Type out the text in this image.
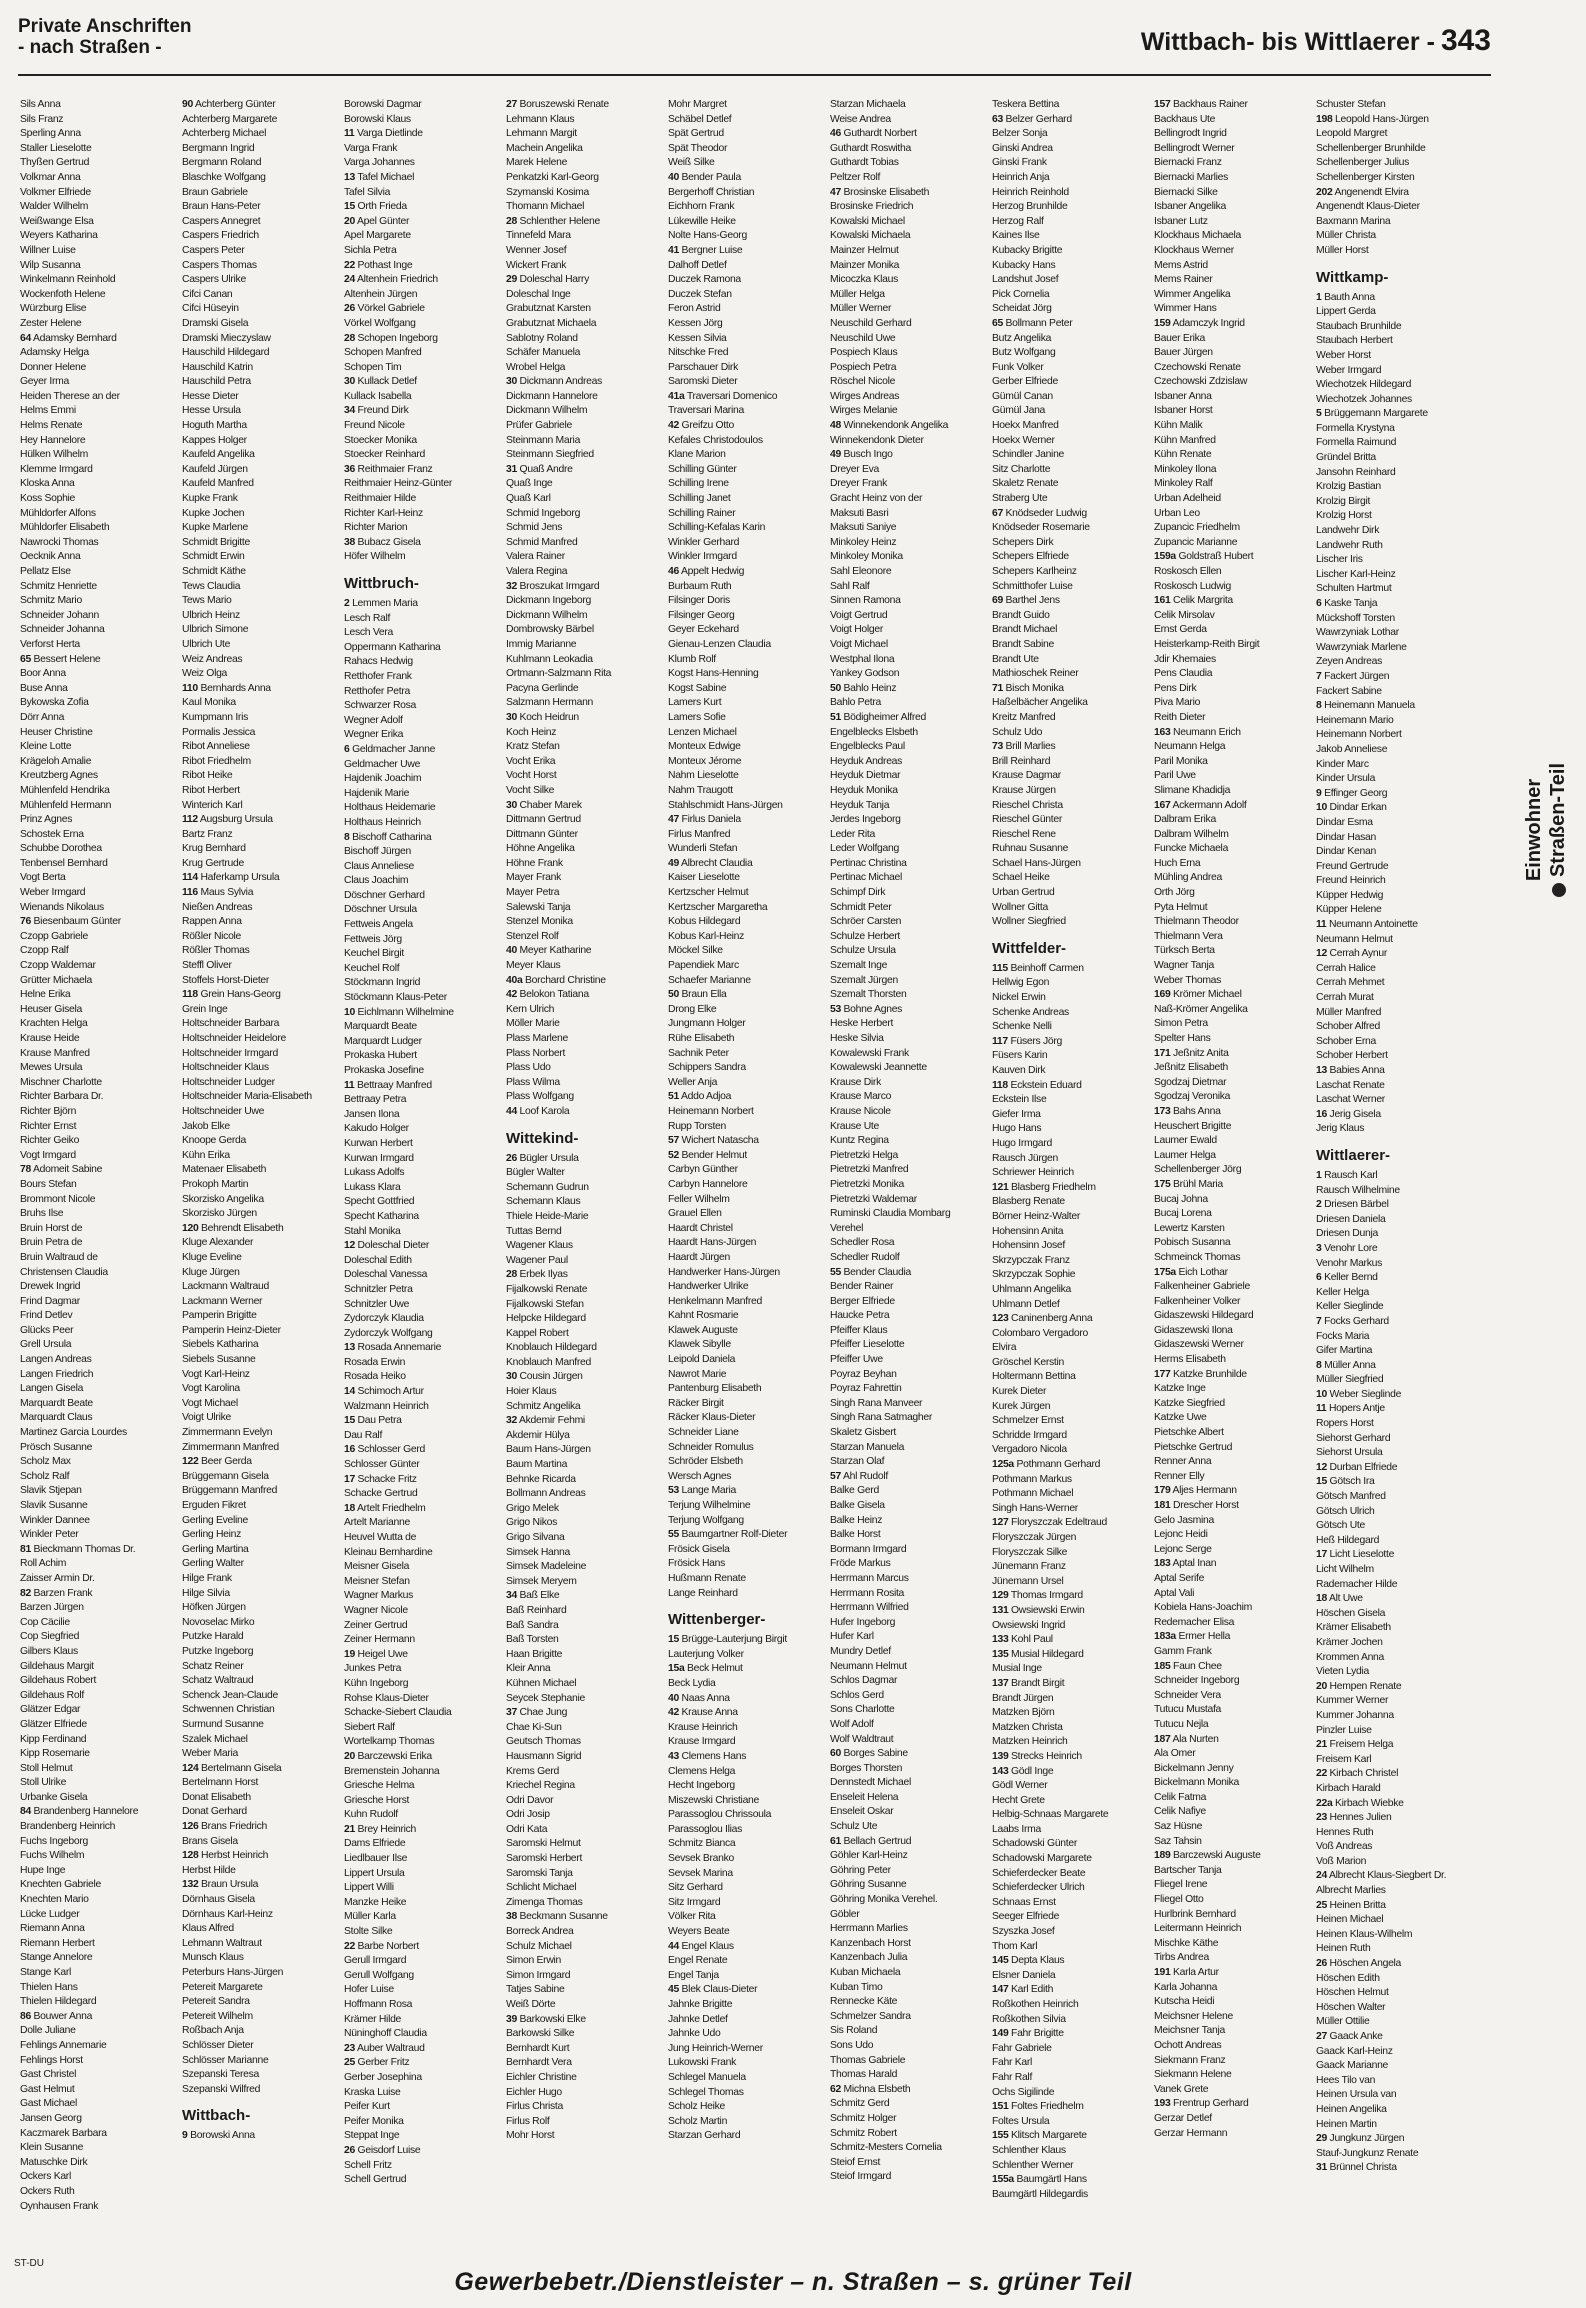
Private Anschriften
- nach Straßen -	Wittbach- bis Wittlaerer - 343
Sils Anna
Sils Franz
Sperling Anna
Staller Lieselotte
Thyßen Gertrud
Volkmar Anna
Volkmer Elfriede
Walder Wilhelm
Weißwange Elsa
Weyers Katharina
Willner Luise
Wilp Susanna
Winkelmann Reinhold
Wockenfoth Helene
Würzburg Elise
Zester Helene
64 Adamsky Bernhard
Adamsky Helga
Donner Helene
Geyer Irma
Heiden Therese an der
Helms Emmi
Helms Renate
Hey Hannelore
Hülken Wilhelm
Klemme Irmgard
Kloska Anna
Koss Sophie
Mühldorfer Alfons
Mühldorfer Elisabeth
Nawrocki Thomas
Oecknik Anna
Pellatz Else
Schmitz Henriette
Schmitz Mario
Schneider Johann
Schneider Johanna
Verforst Herta
65 Bessert Helene
Boor Anna
Buse Anna
Bykowska Zofia
Dörr Anna
Heuser Christine
Kleine Lotte
Krägeloh Amalie
Kreutzberg Agnes
Mühlenfeld Hendrika
Mühlenfeld Hermann
Prinz Agnes
Schostek Erna
Schubbe Dorothea
Tenbensel Bernhard
Vogt Berta
Weber Irmgard
Wienands Nikolaus
76 Biesenbaum Günter
Czopp Gabriele
Czopp Ralf
Czopp Waldemar
Grütter Michaela
Helne Erika
Heuser Gisela
Krachten Helga
Krause Heide
Krause Manfred
Mewes Ursula
Mischner Charlotte
Richter Barbara Dr.
Richter Björn
Richter Ernst
Richter Geiko
Vogt Irmgard
78 Adomeit Sabine
Bours Stefan
Brommont Nicole
Bruhs Ilse
Bruin Horst de
Bruin Petra de
Bruin Waltraud de
Christensen Claudia
Drewek Ingrid
Frind Dagmar
Frind Detlev
Glücks Peer
Grell Ursula
Langen Andreas
Langen Friedrich
Langen Gisela
Marquardt Beate
Marquardt Claus
Martinez Garcia Lourdes
Prösch Susanne
Scholz Max
Scholz Ralf
Slavik Stjepan
Slavik Susanne
Winkler Dannee
Winkler Peter
81 Bieckmann Thomas Dr.
Roll Achim
Zaisser Armin Dr.
82 Barzen Frank
Barzen Jürgen
Cop Cäcilie
Cop Siegfried
Gilbers Klaus
Gildehaus Margit
Gildehaus Robert
Gildehaus Rolf
Glätzer Edgar
Glätzer Elfriede
Kipp Ferdinand
Kipp Rosemarie
Stoll Helmut
Stoll Ulrike
Urbanke Gisela
84 Brandenberg Hannelore
Brandenberg Heinrich
Fuchs Ingeborg
Fuchs Wilhelm
Hupe Inge
Knechten Gabriele
Knechten Mario
Lücke Ludger
Riemann Anna
Riemann Herbert
Stange Annelore
Stange Karl
Thielen Hans
Thielen Hildegard
86 Bouwer Anna
Dolle Juliane
Fehlings Annemarie
Fehlings Horst
Gast Christel
Gast Helmut
Gast Michael
Jansen Georg
Kaczmarek Barbara
Klein Susanne
Matuschke Dirk
Ockers Karl
Ockers Ruth
Oynhausen Frank
90 Achterberg Günter
Achterberg Margarete
Achterberg Michael
Bergmann Ingrid
Bergmann Roland
Blaschke Wolfgang
Braun Gabriele
Braun Hans-Peter
Caspers Annegret
Caspers Friedrich
Caspers Peter
Caspers Thomas
Caspers Ulrike
Cifci Canan
Cifci Hüseyin
Dramski Gisela
Dramski Mieczyslaw
Hauschild Hildegard
Hauschild Katrin
Hauschild Petra
Hesse Dieter
Hesse Ursula
Hoguth Martha
Kappes Holger
Kaufeld Angelika
Kaufeld Jürgen
Kaufeld Manfred
Kupke Frank
Kupke Jochen
Kupke Marlene
Schmidt Brigitte
Schmidt Erwin
Schmidt Käthe
Tews Claudia
Tews Mario
Ulbrich Heinz
Ulbrich Simone
Ulbrich Ute
Weiz Andreas
Weiz Olga
110 Bernhards Anna
Kaul Monika
Kumpmann Iris
Pormalis Jessica
Ribot Anneliese
Ribot Friedhelm
Ribot Heike
Ribot Herbert
Winterich Karl
112 Augsburg Ursula
Bartz Franz
Krug Bernhard
Krug Gertrude
114 Haferkamp Ursula
116 Maus Sylvia
Nießen Andreas
Rappen Anna
Rößler Nicole
Rößler Thomas
Steffl Oliver
Stoffels Horst-Dieter
118 Grein Hans-Georg
Grein Inge
Holtschneider Barbara
Holtschneider Heidelore
Holtschneider Irmgard
Holtschneider Klaus
Holtschneider Ludger
Holtschneider Maria-Elisabeth
Holtschneider Uwe
Jakob Elke
Knoope Gerda
Kühn Erika
Matenaer Elisabeth
Prokoph Martin
Skorzisko Angelika
Skorzisko Jürgen
120 Behrendt Elisabeth
Kluge Alexander
Kluge Eveline
Kluge Jürgen
Lackmann Waltraud
Lackmann Werner
Pamperin Brigitte
Pamperin Heinz-Dieter
Siebels Katharina
Siebels Susanne
Vogt Karl-Heinz
Vogt Karolina
Vogt Michael
Voigt Ulrike
Zimmermann Evelyn
Zimmermann Manfred
122 Beer Gerda
Brüggemann Gisela
Brüggemann Manfred
Erguden Fikret
Gerling Eveline
Gerling Heinz
Gerling Martina
Gerling Walter
Hilge Frank
Hilge Silvia
Höfken Jürgen
Novoselac Mirko
Putzke Harald
Putzke Ingeborg
Schatz Reiner
Schatz Waltraud
Schenck Jean-Claude
Schwennen Christian
Surmund Susanne
Szalek Michael
Weber Maria
124 Bertelmann Gisela
Bertelmann Horst
Donat Elisabeth
Donat Gerhard
126 Brans Friedrich
Brans Gisela
128 Herbst Heinrich
Herbst Hilde
132 Braun Ursula
Dörnhaus Gisela
Dörnhaus Karl-Heinz
Klaus Alfred
Lehmann Waltraut
Munsch Klaus
Peterburs Hans-Jürgen
Petereit Margarete
Petereit Sandra
Petereit Wilhelm
Roßbach Anja
Schlösser Dieter
Schlösser Marianne
Szepanski Teresa
Szepanski Wilfred
Wittbach-
9 Borowski Anna
Borowski Dagmar
Borowski Klaus
11 Varga Dietlinde
Varga Frank
Varga Johannes
13 Tafel Michael
Tafel Silvia
15 Orth Frieda
20 Apel Günter
Apel Margarete
Sichla Petra
22 Pothast Inge
24 Altenhein Friedrich
Altenhein Jürgen
26 Vörkel Gabriele
Vörkel Wolfgang
28 Schopen Ingeborg
Schopen Manfred
Schopen Tim
30 Kullack Detlef
Kullack Isabella
34 Freund Dirk
Freund Nicole
Stoecker Monika
Stoecker Reinhard
36 Reithmaier Franz
Reithmaier Heinz-Günter
Reithmaier Hilde
Richter Karl-Heinz
Richter Marion
38 Bubacz Gisela
Höfer Wilhelm
Wittbruch-
2 Lemmen Maria
Lesch Ralf
Lesch Vera
Oppermann Katharina
Rahacs Hedwig
Retthofer Frank
Retthofer Petra
Schwarzer Rosa
Wegner Adolf
Wegner Erika
6 Geldmacher Janne
Geldmacher Uwe
Hajdenik Joachim
Hajdenik Marie
Holthaus Heidemarie
Holthaus Heinrich
8 Bischoff Catharina
Bischoff Jürgen
Claus Anneliese
Claus Joachim
Döschner Gerhard
Döschner Ursula
Fettweis Angela
Fettweis Jörg
Keuchel Birgit
Keuchel Rolf
Stöckmann Ingrid
Stöckmann Klaus-Peter
10 Eichlmann Wilhelmine
Marquardt Beate
Marquardt Ludger
Prokaska Hubert
Prokaska Josefine
11 Bettraay Manfred
Bettraay Petra
Jansen Ilona
Kakudo Holger
Kurwan Herbert
Kurwan Irmgard
Lukass Adolfs
Lukass Klara
Specht Gottfried
Specht Katharina
Stahl Monika
12 Doleschal Dieter
Doleschal Edith
Doleschal Vanessa
Schnitzler Petra
Schnitzler Uwe
Zydorczyk Klaudia
Zydorczyk Wolfgang
13 Rosada Annemarie
Rosada Erwin
Rosada Heiko
14 Schimoch Artur
Walzmann Heinrich
15 Dau Petra
Dau Ralf
16 Schlosser Gerd
Schlosser Günter
17 Schacke Fritz
Schacke Gertrud
18 Artelt Friedhelm
Artelt Marianne
Heuvel Wutta de
Kleinau Bernhardine
Meisner Gisela
Meisner Stefan
Wagner Markus
Wagner Nicole
Zeiner Gertrud
Zeiner Hermann
19 Heigel Uwe
Junkes Petra
Kühn Ingeborg
Rohse Klaus-Dieter
Schacke-Siebert Claudia
Siebert Ralf
Wortelkamp Thomas
20 Barczewski Erika
Bremenstein Johanna
Griesche Helma
Griesche Horst
Kuhn Rudolf
21 Brey Heinrich
Dams Elfriede
Liedlbauer Ilse
Lippert Ursula
Lippert Willi
Manzke Heike
Müller Karla
Stolte Silke
22 Barbe Norbert
Gerull Irmgard
Gerull Wolfgang
Hofer Luise
Hoffmann Rosa
Krämer Hilde
Nüninghoff Claudia
23 Auber Waltraud
25 Gerber Fritz
Gerber Josephina
Kraska Luise
Peifer Kurt
Peifer Monika
Steppat Inge
26 Geisdorf Luise
Schell Fritz
Schell Gertrud
27 Boruszewski Renate
Lehmann Klaus
Lehmann Margit
Machein Angelika
Marek Helene
Penkatzki Karl-Georg
Szymanski Kosima
Thomann Michael
28 Schlenther Helene
Tinnefeld Mara
Wenner Josef
Wickert Frank
29 Doleschal Harry
Doleschal Inge
Grabutznat Karsten
Grabutznat Michaela
Sablotny Roland
Schäfer Manuela
Wrobel Helga
30 Dickmann Andreas
Dickmann Hannelore
Dickmann Wilhelm
Prüfer Gabriele
Steinmann Maria
Steinmann Siegfried
31 Quaß Andre
Quaß Inge
Quaß Karl
Schmid Ingeborg
Schmid Jens
Schmid Manfred
Valera Rainer
Valera Regina
32 Broszukat Irmgard
Dickmann Ingeborg
Dickmann Wilhelm
Dombrowsky Bärbel
Immig Marianne
Kuhlmann Leokadia
Ortmann-Salzmann Rita
Pacyna Gerlinde
Salzmann Hermann
30 Koch Heidrun
Koch Heinz
Kratz Stefan
Vocht Erika
Vocht Horst
Vocht Silke
30 Chaber Marek
Dittmann Gertrud
Dittmann Günter
Höhne Angelika
Höhne Frank
Mayer Frank
Mayer Petra
Salewski Tanja
Stenzel Monika
Stenzel Rolf
40 Meyer Katharine
Meyer Klaus
40a Borchard Christine
42 Belokon Tatiana
Kern Ulrich
Möller Marie
Plass Marlene
Plass Norbert
Plass Udo
Plass Wilma
Plass Wolfgang
44 Loof Karola
Wittekind-
26 Bügler Ursula
Bügler Walter
Schemann Gudrun
Schemann Klaus
Thiele Heide-Marie
Tuttas Bernd
Wagener Klaus
Wagener Paul
28 Erbek Ilyas
Fijalkowski Renate
Fijalkowski Stefan
Helpcke Hildegard
Kappel Robert
Knoblauch Hildegard
Knoblauch Manfred
30 Cousin Jürgen
Hoier Klaus
Schmitz Angelika
32 Akdemir Fehmi
Akdemir Hülya
Baum Hans-Jürgen
Baum Martina
Behnke Ricarda
Bollmann Andreas
Grigo Melek
Grigo Nikos
Grigo Silvana
Simsek Hanna
Simsek Madeleine
Simsek Meryem
34 Baß Elke
Baß Reinhard
Baß Sandra
Baß Torsten
Haan Brigitte
Kleir Anna
Kühnen Michael
Seycek Stephanie
37 Chae Jung
Chae Ki-Sun
Geutsch Thomas
Hausmann Sigrid
Krems Gerd
Kriechel Regina
Odri Davor
Odri Josip
Odri Kata
Saromski Helmut
Saromski Herbert
Saromski Tanja
Schlicht Michael
Zimenga Thomas
38 Beckmann Susanne
Borreck Andrea
Schulz Michael
Simon Erwin
Simon Irmgard
Tatjes Sabine
Weiß Dörte
39 Barkowski Elke
Barkowski Silke
Bernhardt Kurt
Bernhardt Vera
Eichler Christine
Eichler Hugo
Firlus Christa
Firlus Rolf
Mohr Horst
Mohr Margret
Schäbel Detlef
Spät Gertrud
Spät Theodor
Weiß Silke
40 Bender Paula
Bergerhoff Christian
Eichhorn Frank
Lükewille Heike
Nolte Hans-Georg
41 Bergner Luise
Dalhoff Detlef
Duczek Ramona
Duczek Stefan
Feron Astrid
Kessen Jörg
Kessen Silvia
Nitschke Fred
Parschauer Dirk
Saromski Dieter
41a Traversari Domenico
Traversari Marina
42 Greifzu Otto
Kefales Christodoulos
Klane Marion
Schilling Günter
Schilling Irene
Schilling Janet
Schilling Rainer
Schilling-Kefalas Karin
Winkler Gerhard
Winkler Irmgard
46 Appelt Hedwig
Burbaum Ruth
Filsinger Doris
Filsinger Georg
Geyer Eckehard
Gienau-Lenzen Claudia
Klumb Rolf
Kogst Hans-Henning
Kogst Sabine
Lamers Kurt
Lamers Sofie
Lenzen Michael
Monteux Edwige
Monteux Jérome
Nahm Lieselotte
Nahm Traugott
Stahlschmidt Hans-Jürgen
47 Firlus Daniela
Firlus Manfred
Wunderli Stefan
49 Albrecht Claudia
Kaiser Lieselotte
Kertzscher Helmut
Kertzscher Margaretha
Kobus Hildegard
Kobus Karl-Heinz
Möckel Silke
Papendiek Marc
Schaefer Marianne
50 Braun Ella
Drong Elke
Jungmann Holger
Rühe Elisabeth
Sachnik Peter
Schippers Sandra
Weller Anja
51 Addo Adjoa
Heinemann Norbert
Rupp Torsten
57 Wichert Natascha
52 Bender Helmut
Carbyn Günther
Carbyn Hannelore
Feller Wilhelm
Grauel Ellen
Haardt Christel
Haardt Hans-Jürgen
Haardt Jürgen
Handwerker Hans-Jürgen
Handwerker Ulrike
Henkelmann Manfred
Kahnt Rosmarie
Klawek Auguste
Klawek Sibylle
Leipold Daniela
Nawrot Marie
Pantenburg Elisabeth
Räcker Birgit
Räcker Klaus-Dieter
Schneider Liane
Schneider Romulus
Schröder Elsbeth
Wersch Agnes
53 Lange Maria
Terjung Wilhelmine
Terjung Wolfgang
55 Baumgartner Rolf-Dieter
Frösick Gisela
Frösick Hans
Hußmann Renate
Lange Reinhard
Wittenberger-
15 Brügge-Lauterjung Birgit
Lauterjung Volker
15a Beck Helmut
Beck Lydia
40 Naas Anna
42 Krause Anna
Krause Heinrich
Krause Irmgard
43 Clemens Hans
Clemens Helga
Hecht Ingeborg
Miszewski Christiane
Parassoglou Chrissoula
Parassoglou Ilias
Schmitz Bianca
Sevsek Branko
Sevsek Marina
Sitz Gerhard
Sitz Irmgard
Völker Rita
Weyers Beate
44 Engel Klaus
Engel Renate
Engel Tanja
45 Blek Claus-Dieter
Jahnke Brigitte
Jahnke Detlef
Jahnke Udo
Jung Heinrich-Werner
Lukowski Frank
Schlegel Manuela
Schlegel Thomas
Scholz Heike
Scholz Martin
Starzan Gerhard
Starzan Michaela
Weise Andrea
46 Guthardt Norbert
Guthardt Roswitha
Guthardt Tobias
Peltzer Rolf
47 Brosinske Elisabeth
Brosinske Friedrich
Kowalski Michael
Kowalski Michaela
Mainzer Helmut
Mainzer Monika
Micoczka Klaus
Müller Helga
Müller Werner
Neuschild Gerhard
Neuschild Uwe
Pospiech Klaus
Pospiech Petra
Röschel Nicole
Wirges Andreas
Wirges Melanie
48 Winnekendonk Angelika
Winnekendonk Dieter
49 Busch Ingo
Dreyer Eva
Dreyer Frank
Gracht Heinz von der
Maksuti Basri
Maksuti Saniye
Minkoley Heinz
Minkoley Monika
Sahl Eleonore
Sahl Ralf
Sinnen Ramona
Voigt Gertrud
Voigt Holger
Voigt Michael
Westphal Ilona
Yankey Godson
50 Bahlo Heinz
Bahlo Petra
51 Bödigheimer Alfred
Engelblecks Elsbeth
Engelblecks Paul
Heyduk Andreas
Heyduk Dietmar
Heyduk Monika
Heyduk Tanja
Jerdes Ingeborg
Leder Rita
Leder Wolfgang
Pertinac Christina
Pertinac Michael
Schimpf Dirk
Schmidt Peter
Schröer Carsten
Schulze Herbert
Schulze Ursula
Szemalt Inge
Szemalt Jürgen
Szemalt Thorsten
53 Bohne Agnes
Heske Herbert
Heske Silvia
Kowalewski Frank
Kowalewski Jeannette
Krause Dirk
Krause Marco
Krause Nicole
Krause Ute
Kuntz Regina
Pietretzki Helga
Pietretzki Manfred
Pietretzki Monika
Pietretzki Waldemar
Ruminski Claudia Mombarg
Verehel
Schedler Rosa
Schedler Rudolf
55 Bender Claudia
Bender Rainer
Berger Elfriede
Haucke Petra
Pfeiffer Klaus
Pfeiffer Lieselotte
Pfeiffer Uwe
Poyraz Beyhan
Poyraz Fahrettin
Singh Rana Manveer
Singh Rana Satmagher
Skaletz Gisbert
Starzan Manuela
Starzan Olaf
57 Ahl Rudolf
Balke Gerd
Balke Gisela
Balke Heinz
Balke Horst
Bormann Irmgard
Fröde Markus
Herrmann Marcus
Herrmann Rosita
Herrmann Wilfried
Hufer Ingeborg
Hufer Karl
Mundry Detlef
Neumann Helmut
Schlos Dagmar
Schlos Gerd
Sons Charlotte
Wolf Adolf
Wolf Waldtraut
60 Borges Sabine
Borges Thorsten
Dennstedt Michael
Enseleit Helena
Enseleit Oskar
Schulz Ute
61 Bellach Gertrud
Göhler Karl-Heinz
Göhring Peter
Göhring Susanne
Göhring Monika Verehel.
Göbler
Herrmann Marlies
Kanzenbach Horst
Kanzenbach Julia
Kuban Michaela
Kuban Timo
Rennecke Käte
Schmelzer Sandra
Sis Roland
Sons Udo
Thomas Gabriele
Thomas Harald
62 Michna Elsbeth
Schmitz Gerd
Schmitz Holger
Schmitz Robert
Schmitz-Mesters Cornelia
Steiof Ernst
Steiof Irmgard
Teskera Bettina
63 Belzer Gerhard
Belzer Sonja
Ginski Andrea
Ginski Frank
Heinrich Anja
Heinrich Reinhold
Herzog Brunhilde
Herzog Ralf
Kaines Ilse
Kubacky Brigitte
Kubacky Hans
Landshut Josef
Pick Cornelia
Scheidat Jörg
65 Bollmann Peter
Butz Angelika
Butz Wolfgang
Funk Volker
Gerber Elfriede
Gümül Canan
Gümül Jana
Hoekx Manfred
Hoekx Werner
Schindler Janine
Sitz Charlotte
Skaletz Renate
Straberg Ute
67 Knödseder Ludwig
Knödseder Rosemarie
Schepers Dirk
Schepers Elfriede
Schepers Karlheinz
Schmitthofer Luise
69 Barthel Jens
Brandt Guido
Brandt Michael
Brandt Sabine
Brandt Ute
Mathioschek Reiner
71 Bisch Monika
Haßelbächer Angelika
Kreitz Manfred
Schulz Udo
73 Brill Marlies
Brill Reinhard
Krause Dagmar
Krause Jürgen
Rieschel Christa
Rieschel Günter
Rieschel Rene
Ruhnau Susanne
Schael Hans-Jürgen
Schael Heike
Urban Gertrud
Wollner Gitta
Wollner Siegfried
Wittfelder-
115 Beinhoff Carmen
Hellwig Egon
Nickel Erwin
Schenke Andreas
Schenke Nelli
117 Füsers Jörg
Füsers Karin
Kauven Dirk
118 Eckstein Eduard
Eckstein Ilse
Giefer Irma
Hugo Hans
Hugo Irmgard
Rausch Jürgen
Schriewer Heinrich
121 Blasberg Friedhelm
Blasberg Renate
Börner Heinz-Walter
Hohensinn Anita
Hohensinn Josef
Skrzypczak Franz
Skrzypczak Sophie
Uhlmann Angelika
Uhlmann Detlef
123 Caninenberg Anna
Colombaro Vergadoro
Elvira
Gröschel Kerstin
Holtermann Bettina
Kurek Dieter
Kurek Jürgen
Schmelzer Ernst
Schridde Irmgard
Vergadoro Nicola
125a Pothmann Gerhard
Pothmann Markus
Pothmann Michael
Singh Hans-Werner
127 Floryszczak Edeltraud
Floryszczak Jürgen
Floryszczak Silke
Jünemann Franz
Jünemann Ursel
129 Thomas Irmgard
131 Owsiewski Erwin
Owsiewski Ingrid
133 Kohl Paul
135 Musial Hildegard
Musial Inge
137 Brandt Birgit
Brandt Jürgen
Matzken Björn
Matzken Christa
Matzken Heinrich
139 Strecks Heinrich
143 Gödl Inge
Gödl Werner
Hecht Grete
Helbig-Schnaas Margarete
Laabs Irma
Schadowski Günter
Schadowski Margarete
Schieferdecker Beate
Schieferdecker Ulrich
Schnaas Ernst
Seeger Elfriede
Szyszka Josef
Thom Karl
145 Depta Klaus
Elsner Daniela
147 Karl Edith
Roßkothen Heinrich
Roßkothen Silvia
149 Fahr Brigitte
Fahr Gabriele
Fahr Karl
Fahr Ralf
Ochs Sigilinde
151 Foltes Friedhelm
Foltes Ursula
155 Klitsch Margarete
Schlenther Klaus
Schlenther Werner
155a Baumgärtl Hans
Baumgärtl Hildegardis
157 Backhaus Rainer
Backhaus Ute
Bellingrodt Ingrid
Bellingrodt Werner
Biernacki Franz
Biernacki Marlies
Biernacki Silke
Isbaner Angelika
Isbaner Lutz
Klockhaus Michaela
Klockhaus Werner
Mems Astrid
Mems Rainer
Wimmer Angelika
Wimmer Hans
159 Adamczyk Ingrid
Bauer Erika
Bauer Jürgen
Czechowski Renate
Czechowski Zdzislaw
Isbaner Anna
Isbaner Horst
Kühn Malik
Kühn Manfred
Kühn Renate
Minkoley Ilona
Minkoley Ralf
Urban Adelheid
Urban Leo
Zupancic Friedhelm
Zupancic Marianne
159a Goldstraß Hubert
Roskosch Ellen
Roskosch Ludwig
161 Celik Margrita
Celik Mirsolav
Ernst Gerda
Heisterkamp-Reith Birgit
Jdir Khemaies
Pens Claudia
Pens Dirk
Piva Mario
Reith Dieter
163 Neumann Erich
Neumann Helga
Paril Monika
Paril Uwe
Slimane Khadidja
167 Ackermann Adolf
Dalbram Erika
Dalbram Wilhelm
Funcke Michaela
Huch Erna
Mühling Andrea
Orth Jörg
Pyta Helmut
Thielmann Theodor
Thielmann Vera
Türksch Berta
Wagner Tanja
Weber Thomas
169 Krömer Michael
Naß-Krömer Angelika
Simon Petra
Spelter Hans
171 Jeßnitz Anita
Jeßnitz Elisabeth
Sgodzaj Dietmar
Sgodzaj Veronika
173 Bahs Anna
Heuschert Brigitte
Laumer Ewald
Laumer Helga
Schellenberger Jörg
175 Brühl Maria
Bucaj Johna
Bucaj Lorena
Lewertz Karsten
Pobisch Susanna
Schmeinck Thomas
175a Eich Lothar
Falkenheiner Gabriele
Falkenheiner Volker
Gidaszewski Hildegard
Gidaszewski Ilona
Gidaszewski Werner
Herms Elisabeth
177 Katzke Brunhilde
Katzke Inge
Katzke Siegfried
Katzke Uwe
Pietschke Albert
Pietschke Gertrud
Renner Anna
Renner Elly
179 Aljes Hermann
181 Drescher Horst
Gelo Jasmina
Lejonc Heidi
Lejonc Serge
183 Aptal Inan
Aptal Serife
Aptal Vali
Kobiela Hans-Joachim
Redemacher Elisa
183a Ermer Hella
Gamm Frank
185 Faun Chee
Schneider Ingeborg
Schneider Vera
Tutucu Mustafa
Tutucu Nejla
187 Ala Nurten
Ala Omer
Bickelmann Jenny
Bickelmann Monika
Celik Fatma
Celik Nafiye
Saz Hüsne
Saz Tahsin
189 Barczewski Auguste
Bartscher Tanja
Fliegel Irene
Fliegel Otto
Hurlbrink Bernhard
Leitermann Heinrich
Mischke Käthe
Tirbs Andrea
191 Karla Artur
Karla Johanna
Kutscha Heidi
Meichsner Helene
Meichsner Tanja
Ochott Andreas
Siekmann Franz
Siekmann Helene
Vanek Grete
193 Frentrup Gerhard
Gerzar Detlef
Gerzar Hermann
Schuster Stefan
198 Leopold Hans-Jürgen
Leopold Margret
Schellenberger Brunhilde
Schellenberger Julius
Schellenberger Kirsten
202 Angenendt Elvira
Angenendt Klaus-Dieter
Baxmann Marina
Müller Christa
Müller Horst
Wittkamp-
1 Bauth Anna
Lippert Gerda
Staubach Brunhilde
Staubach Herbert
Weber Horst
Weber Irmgard
Wiechotzek Hildegard
Wiechotzek Johannes
5 Brüggemann Margarete
Formella Krystyna
Formella Raimund
Gründel Britta
Jansohn Reinhard
Krolzig Bastian
Krolzig Birgit
Krolzig Horst
Landwehr Dirk
Landwehr Ruth
Lischer Iris
Lischer Karl-Heinz
Schulten Hartmut
6 Kaske Tanja
Mückshoff Torsten
Wawrzyniak Lothar
Wawrzyniak Marlene
Zeyen Andreas
7 Fackert Jürgen
Fackert Sabine
8 Heinemann Manuela
Heinemann Mario
Heinemann Norbert
Jakob Anneliese
Kinder Marc
Kinder Ursula
9 Effinger Georg
10 Dindar Erkan
Dindar Esma
Dindar Hasan
Dindar Kenan
Freund Gertrude
Freund Heinrich
Küpper Hedwig
Küpper Helene
11 Neumann Antoinette
Neumann Helmut
12 Cerrah Aynur
Cerrah Halice
Cerrah Mehmet
Cerrah Murat
Müller Manfred
Schober Alfred
Schober Erna
Schober Herbert
13 Babies Anna
Laschat Renate
Laschat Werner
16 Jerig Gisela
Jerig Klaus
Wittlaerer-
1 Rausch Karl
Rausch Wilhelmine
2 Driesen Bärbel
Driesen Daniela
Driesen Dunja
3 Venohr Lore
Venohr Markus
6 Keller Bernd
Keller Helga
Keller Sieglinde
7 Focks Gerhard
Focks Maria
Gifer Martina
8 Müller Anna
Müller Siegfried
10 Weber Sieglinde
11 Hopers Antje
Ropers Horst
Siehorst Gerhard
Siehorst Ursula
12 Durban Elfriede
15 Götsch Ira
Götsch Manfred
Götsch Ulrich
Götsch Ute
Heß Hildegard
17 Licht Lieselotte
Licht Wilhelm
Rademacher Hilde
18 Alt Uwe
Höschen Gisela
Krämer Elisabeth
Krämer Jochen
Krommen Anna
Vieten Lydia
20 Hempen Renate
Kummer Werner
Kummer Johanna
Pinzler Luise
21 Freisem Helga
Freisem Karl
22 Kirbach Christel
Kirbach Harald
22a Kirbach Wiebke
23 Hennes Julien
Hennes Ruth
Voß Andreas
Voß Marion
24 Albrecht Klaus-Siegbert Dr.
Albrecht Marlies
25 Heinen Britta
Heinen Michael
Heinen Klaus-Wilhelm
Heinen Ruth
26 Höschen Angela
Höschen Edith
Höschen Helmut
Höschen Walter
Müller Ottilie
27 Gaack Anke
Gaack Karl-Heinz
Gaack Marianne
Hees Tilo van
Heinen Ursula van
Heinen Angelika
Heinen Martin
29 Jungkunz Jürgen
Stauf-Jungkunz Renate
31 Brünnel Christa
Einwohner Straßen-Teil
ST-DU
Gewerbebetr./Dienstleister – n. Straßen – s. grüner Teil
